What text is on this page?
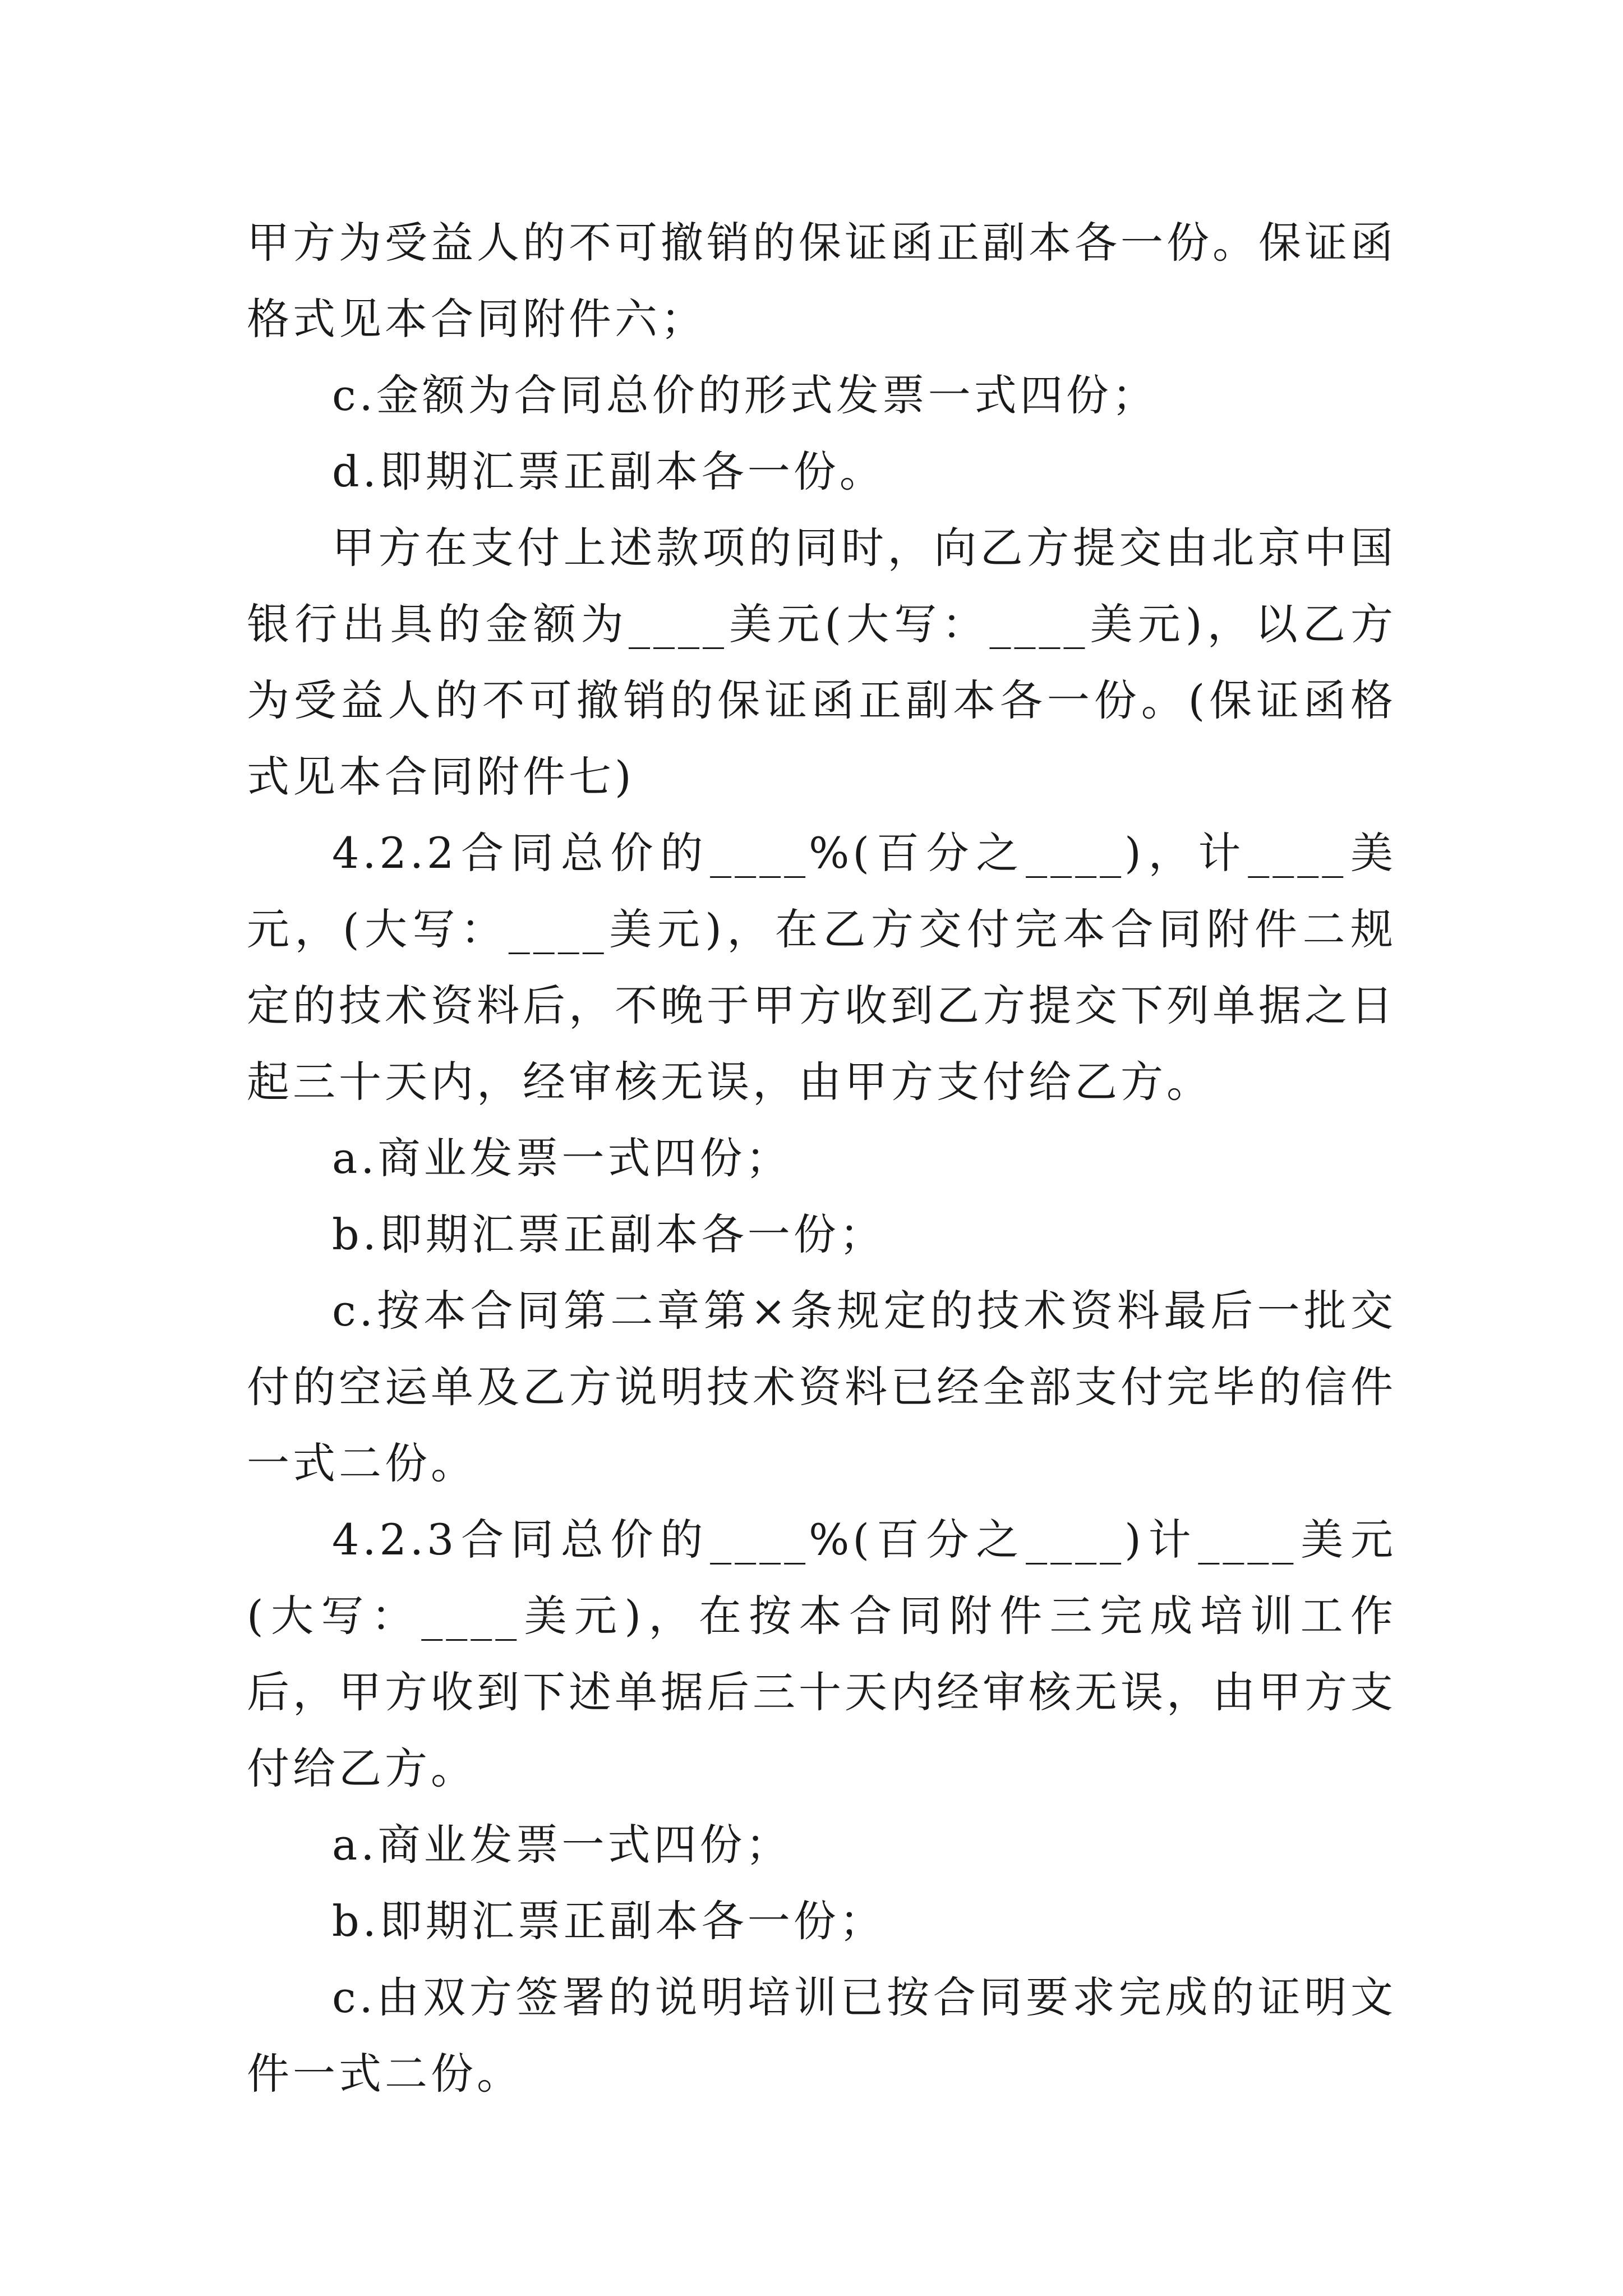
甲方为受益人的不可撤销的保证函正副本各一份。保证函格式见本合同附件六；

c.金额为合同总价的形式发票一式四份；

d.即期汇票正副本各一份。

甲方在支付上述款项的同时，向乙方提交由北京中国银行出具的金额为____美元(大写：____美元)，以乙方为受益人的不可撤销的保证函正副本各一份。(保证函格式见本合同附件七)

4.2.2合同总价的____%(百分之____)，计____美元，(大写：____美元)，在乙方交付完本合同附件二规定的技术资料后，不晚于甲方收到乙方提交下列单据之日起三十天内，经审核无误，由甲方支付给乙方。

a.商业发票一式四份；

b.即期汇票正副本各一份；

c.按本合同第二章第×条规定的技术资料最后一批交付的空运单及乙方说明技术资料已经全部支付完毕的信件一式二份。

4.2.3合同总价的____%(百分之____)计____美元(大写：____美元)，在按本合同附件三完成培训工作后，甲方收到下述单据后三十天内经审核无误，由甲方支付给乙方。

a.商业发票一式四份；

b.即期汇票正副本各一份；

c.由双方签署的说明培训已按合同要求完成的证明文件一式二份。
